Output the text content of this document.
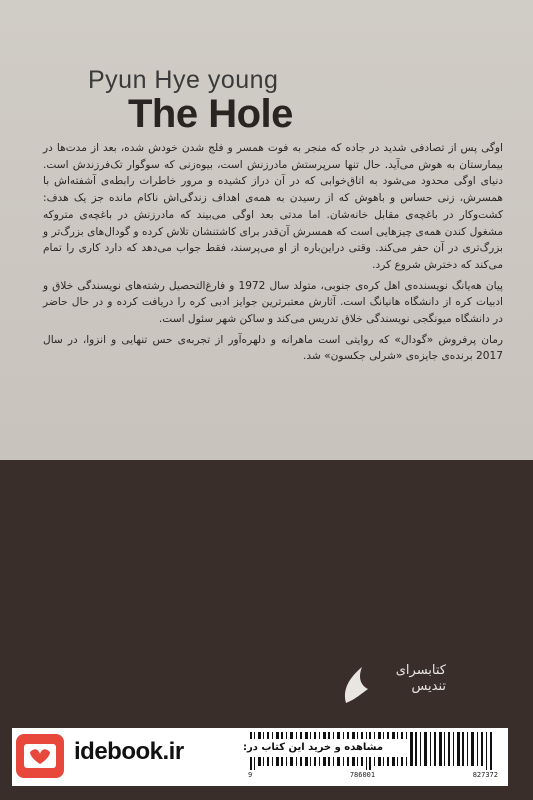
Pyun Hye young
The Hole

اوگی پس از تصادفی شدید در جاده که منجر به فوت همسر و فلج شدن خودش شده، بعد از مدت‌ها در بیمارستان به هوش می‌آید. حال تنها سرپرستش مادرزنش است، بیوه‌زنی که سوگوار تک‌فرزندش است. دنیای اوگی محدود می‌شود به اتاق‌خوابی که در آن دراز کشیده و مرور خاطرات رابطه‌ی آشفته‌اش با همسرش، زنی حساس و باهوش که از رسیدن به همه‌ی اهداف زندگی‌اش ناکام مانده جز یک هدف: کشت‌وکار در باغچه‌ی مقابل خانه‌شان. اما مدتی بعد اوگی می‌بیند که مادرزنش در باغچه‌ی متروکه مشغول کندن همه‌ی چیزهایی است که همسرش آن‌قدر برای کاشتنشان تلاش کرده و گودال‌های بزرگ‌تر و بزرگ‌تری در آن حفر می‌کند. وقتی دراین‌باره از او می‌پرسند، فقط جواب می‌دهد که دارد کاری را تمام می‌کند که دخترش شروع کرد.

پیان هه‌یانگ نویسنده‌ی اهل کره‌ی جنوبی، متولد سال 1972 و فارغ‌التحصیل رشته‌های نویسندگی خلاق و ادبیات کره از دانشگاه هانیانگ است. آثارش معتبرترین جوایز ادبی کره را دریافت کرده و در حال حاضر در دانشگاه میونگجی نویسندگی خلاق تدریس می‌کند و ساکن شهر سئول است.

رمان پرفروش «گودال» که روایتی است ماهرانه و دلهره‌آور از تجربه‌ی حس تنهایی و انزوا، در سال 2017 برنده‌ی جایزه‌ی «شرلی جکسون» شد.

کتابسرای
تندیس
idebook.ir
9	786001	827372
مشاهده و خرید این کتاب در:
